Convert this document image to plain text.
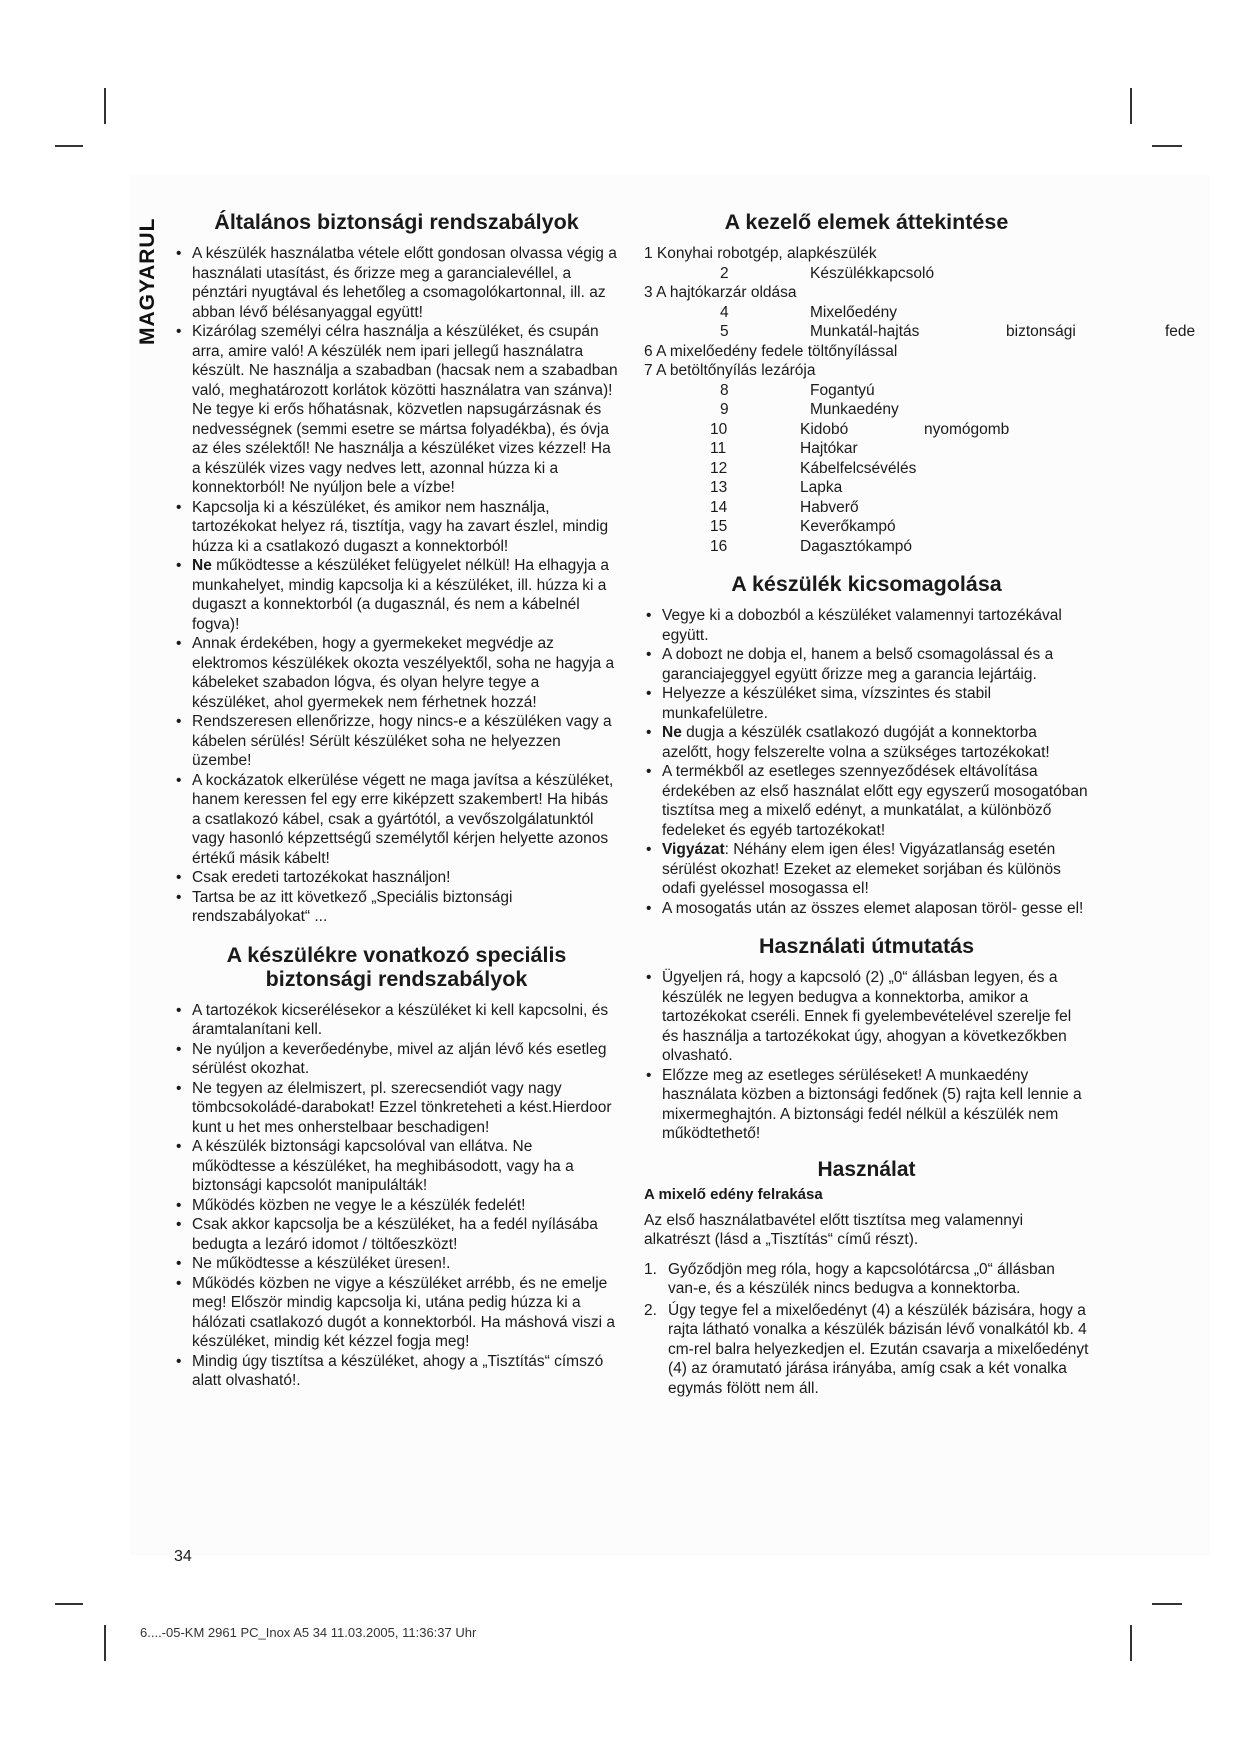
MAGYARUL	Általános biztonsági rendszabályok
• A készülék használatba vétele előtt gondosan olvassa végig a használati utasítást, és őrizze meg a garancialevéllel, a pénztári nyugtával és lehetőleg a csomagolókartonnal, ill. az abban lévő bélésanyaggal együtt!
• Kizárólag személyi célra használja a készüléket, és csupán arra, amire való! A készülék nem ipari jellegű használatra készült. Ne használja a szabadban (hacsak nem a szabadban való, meghatározott korlátok közötti használatra van szánva)! Ne tegye ki erős hőhatásnak, közvetlen napsugárzásnak és nedvességnek (semmi esetre se mártsa folyadékba), és óvja az éles szélektől! Ne használja a készüléket vizes kézzel! Ha a készülék vizes vagy nedves lett, azonnal húzza ki a konnektorból! Ne nyúljon bele a vízbe!
• Kapcsolja ki a készüléket, és amikor nem használja, tartozékokat helyez rá, tisztítja, vagy ha zavart észlel, mindig húzza ki a csatlakozó dugaszt a konnektorból!
• Ne működtesse a készüléket felügyelet nélkül! Ha elhagyja a munkahelyet, mindig kapcsolja ki a készüléket, ill. húzza ki a dugaszt a konnektorból (a dugasznál, és nem a kábelnél fogva)!
• Annak érdekében, hogy a gyermekeket megvédje az elektromos készülékek okozta veszélyektől, soha ne hagyja a kábeleket szabadon lógva, és olyan helyre tegye a készüléket, ahol gyermekek nem férhetnek hozzá!
• Rendszeresen ellenőrizze, hogy nincs-e a készüléken vagy a kábelen sérülés! Sérült készüléket soha ne helyezzen üzembe!
• A kockázatok elkerülése végett ne maga javítsa a készüléket, hanem keressen fel egy erre kiképzett szakembert! Ha hibás a csatlakozó kábel, csak a gyártótól, a vevőszolgálatunktól vagy hasonló képzettségű személytől kérjen helyette azonos értékű másik kábelt!
• Csak eredeti tartozékokat használjon!
• Tartsa be az itt következő „Speciális biztonsági rendszabályokat“ ...
A készülékre vonatkozó speciális biztonsági rendszabályok
• A tartozékok kicserélésekor a készüléket ki kell kapcsolni, és áramtalanítani kell.
• Ne nyúljon a keverőedénybe, mivel az alján lévő kés esetleg sérülést okozhat.
• Ne tegyen az élelmiszert, pl. szerecsendiót vagy nagy tömbcsokoládé-darabokat! Ezzel tönkreteheti a kést.Hierdoor kunt u het mes onherstelbaar beschadigen!
• A készülék biztonsági kapcsolóval van ellátva. Ne működtesse a készüléket, ha meghibásodott, vagy ha a biztonsági kapcsolót manipulálták!
• Működés közben ne vegye le a készülék fedelét!
• Csak akkor kapcsolja be a készüléket, ha a fedél nyílásába bedugta a lezáró idomot / töltőeszközt!
• Ne működtesse a készüléket üresen!.
• Működés közben ne vigye a készüléket arrébb, és ne emelje meg! Először mindig kapcsolja ki, utána pedig húzza ki a hálózati csatlakozó dugót a konnektorból. Ha máshová viszi a készüléket, mindig két kézzel fogja meg!
• Mindig úgy tisztítsa a készüléket, ahogy a „Tisztítás“ címszó alatt olvasható!.
A kezelő elemek áttekintése
1 Konyhai robotgép, alapkészülék
2	Készülékkapcsoló
3 A hajtókarzár oldása
4	Mixelőedény
5	Munkatál-hajtás	biztonsági	fede
6 A mixelőedény fedele töltőnyílással
7 A betöltőnyílás lezárója
8	Fogantyú
9	Munkaedény
10	Kidobó	nyomógomb
11	Hajtókar
12	Kábelfelcsévélés
13	Lapka
14	Habverő
15	Keverőkampó
16	Dagasztókampó
A készülék kicsomagolása
• Vegye ki a dobozból a készüléket valamennyi tartozékával együtt.
• A dobozt ne dobja el, hanem a belső csomagolással és a garanciajeggyel együtt őrizze meg a garancia lejártáig.
• Helyezze a készüléket sima, vízszintes és stabil munkafelületre.
• Ne dugja a készülék csatlakozó dugóját a konnektorba azelőtt, hogy felszerelte volna a szükséges tartozékokat!
• A termékből az esetleges szennyeződések eltávolítása érdekében az első használat előtt egy egyszerű mosogatóban tisztítsa meg a mixelő edényt, a munkatálat, a különböző fedeleket és egyéb tartozékokat!
• Vigyázat: Néhány elem igen éles! Vigyázatlanság esetén sérülést okozhat! Ezeket az elemeket sorjában és különös odafi gyeléssel mosogassa el!
• A mosogatás után az összes elemet alaposan töröl- gesse el!
Használati útmutatás
• Ügyeljen rá, hogy a kapcsoló (2) „0“ állásban legyen, és a készülék ne legyen bedugva a konnektorba, amikor a tartozékokat cseréli. Ennek fi gyelembevételével szerelje fel és használja a tartozékokat úgy, ahogyan a következőkben olvasható.
• Előzze meg az esetleges sérüléseket! A munkaedény használata közben a biztonsági fedőnek (5) rajta kell lennie a mixermeghajtón. A biztonsági fedél nélkül a készülék nem működtethető!
Használat
A mixelő edény felrakása

Az első használatbavétel előtt tisztítsa meg valamennyi alkatrészt (lásd a „Tisztítás“ című részt).

1. Győződjön meg róla, hogy a kapcsolótárcsa „0“ állásban van-e, és a készülék nincs bedugva a konnektorba.
2. Úgy tegye fel a mixelőedényt (4) a készülék bázisára, hogy a rajta látható vonalka a készülék bázisán lévő vonalkától kb. 4 cm-rel balra helyezkedjen el. Ezután csavarja a mixelőedényt (4) az óramutató járása irányába, amíg csak a két vonalka egymás fölött nem áll.
34
6....-05-KM 2961 PC_Inox A5 34 11.03.2005, 11:36:37 Uhr
